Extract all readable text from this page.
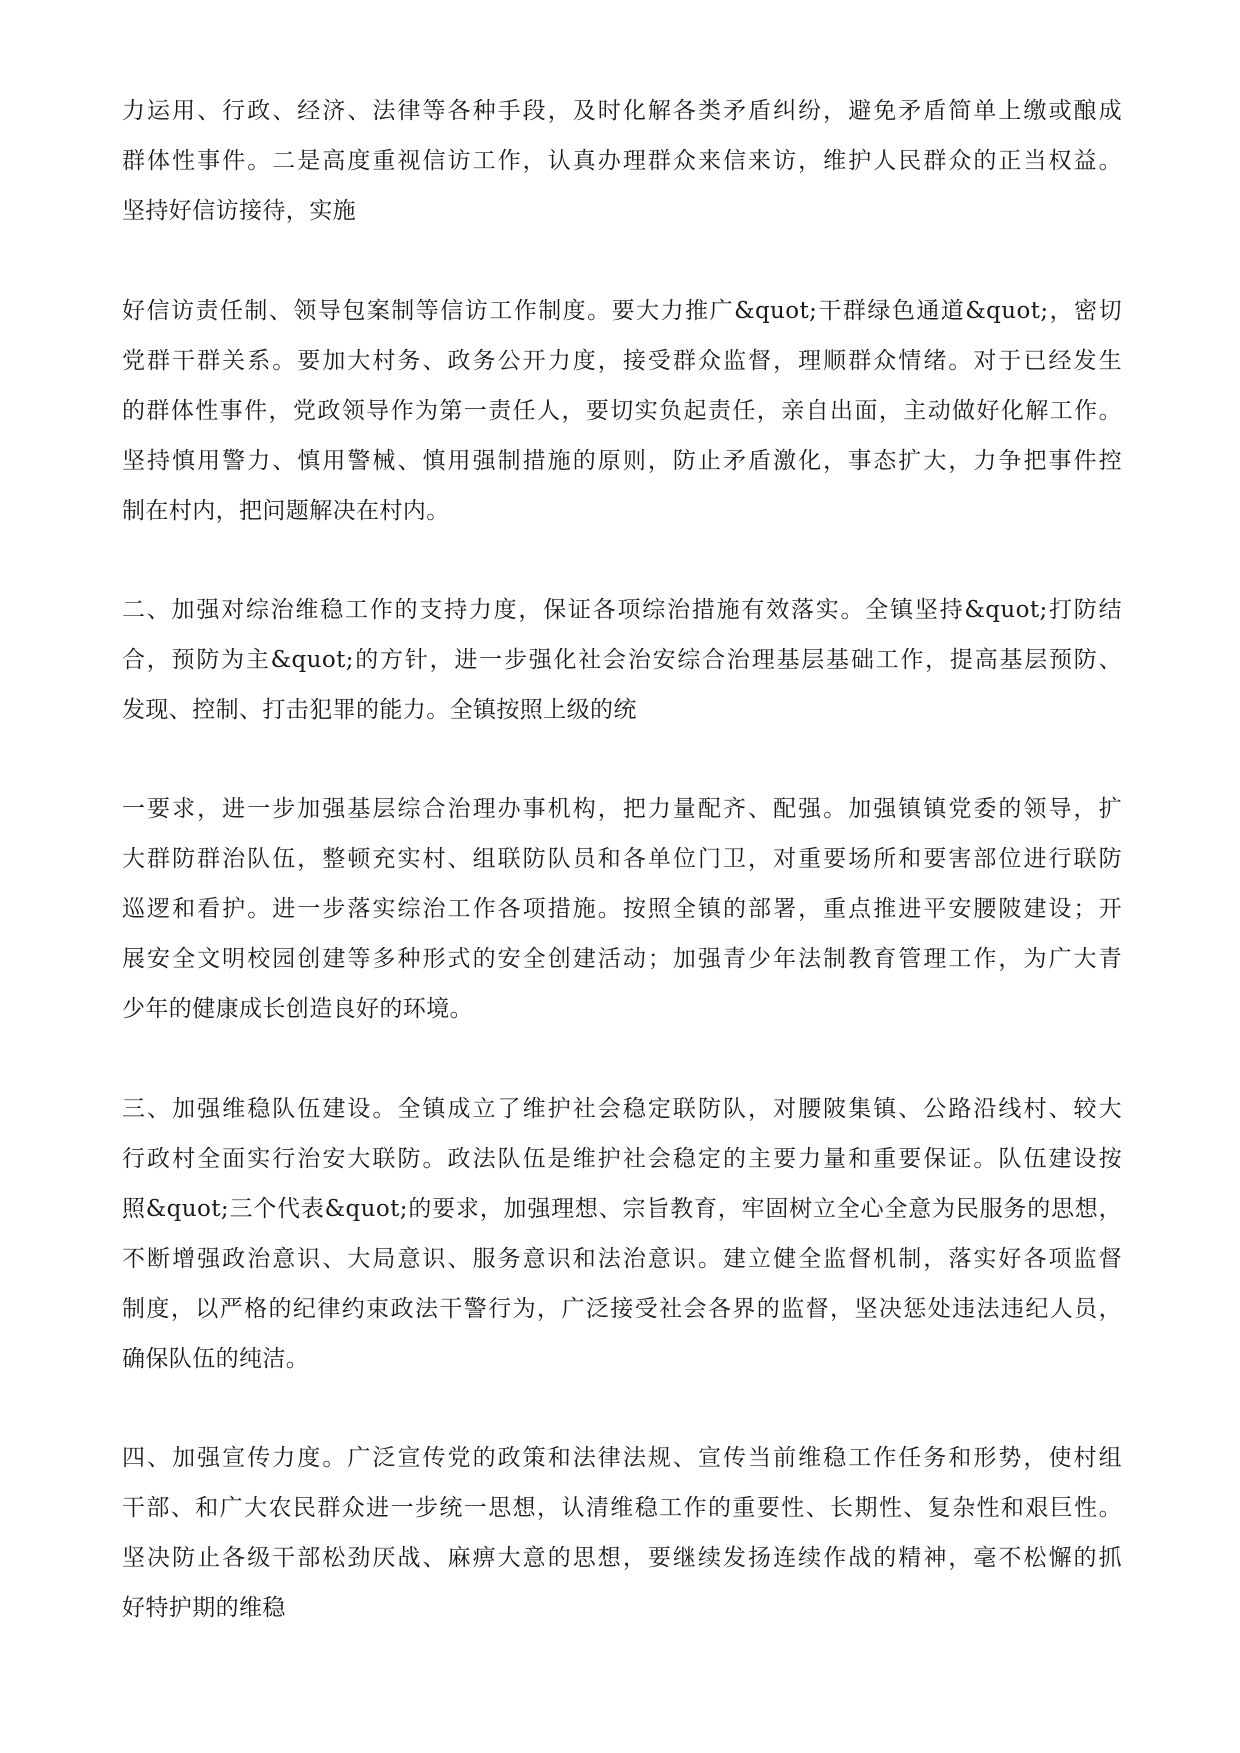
力运用、行政、经济、法律等各种手段，及时化解各类矛盾纠纷，避免矛盾简单上缴或酿成
群体性事件。二是高度重视信访工作，认真办理群众来信来访，维护人民群众的正当权益。
坚持好信访接待，实施
好信访责任制、领导包案制等信访工作制度。要大力推广&quot;干群绿色通道&quot;，密切
党群干群关系。要加大村务、政务公开力度，接受群众监督，理顺群众情绪。对于已经发生
的群体性事件，党政领导作为第一责任人，要切实负起责任，亲自出面，主动做好化解工作。
坚持慎用警力、慎用警械、慎用强制措施的原则，防止矛盾激化，事态扩大，力争把事件控
制在村内，把问题解决在村内。
二、加强对综治维稳工作的支持力度，保证各项综治措施有效落实。全镇坚持&quot;打防结
合，预防为主&quot;的方针，进一步强化社会治安综合治理基层基础工作，提高基层预防、
发现、控制、打击犯罪的能力。全镇按照上级的统
一要求，进一步加强基层综合治理办事机构，把力量配齐、配强。加强镇镇党委的领导，扩
大群防群治队伍，整顿充实村、组联防队员和各单位门卫，对重要场所和要害部位进行联防
巡逻和看护。进一步落实综治工作各项措施。按照全镇的部署，重点推进平安腰陂建设；开
展安全文明校园创建等多种形式的安全创建活动；加强青少年法制教育管理工作，为广大青
少年的健康成长创造良好的环境。
三、加强维稳队伍建设。全镇成立了维护社会稳定联防队，对腰陂集镇、公路沿线村、较大
行政村全面实行治安大联防。政法队伍是维护社会稳定的主要力量和重要保证。队伍建设按
照&quot;三个代表&quot;的要求，加强理想、宗旨教育，牢固树立全心全意为民服务的思想，
不断增强政治意识、大局意识、服务意识和法治意识。建立健全监督机制，落实好各项监督
制度，以严格的纪律约束政法干警行为，广泛接受社会各界的监督，坚决惩处违法违纪人员，
确保队伍的纯洁。
四、加强宣传力度。广泛宣传党的政策和法律法规、宣传当前维稳工作任务和形势，使村组
干部、和广大农民群众进一步统一思想，认清维稳工作的重要性、长期性、复杂性和艰巨性。
坚决防止各级干部松劲厌战、麻痹大意的思想，要继续发扬连续作战的精神，毫不松懈的抓
好特护期的维稳
